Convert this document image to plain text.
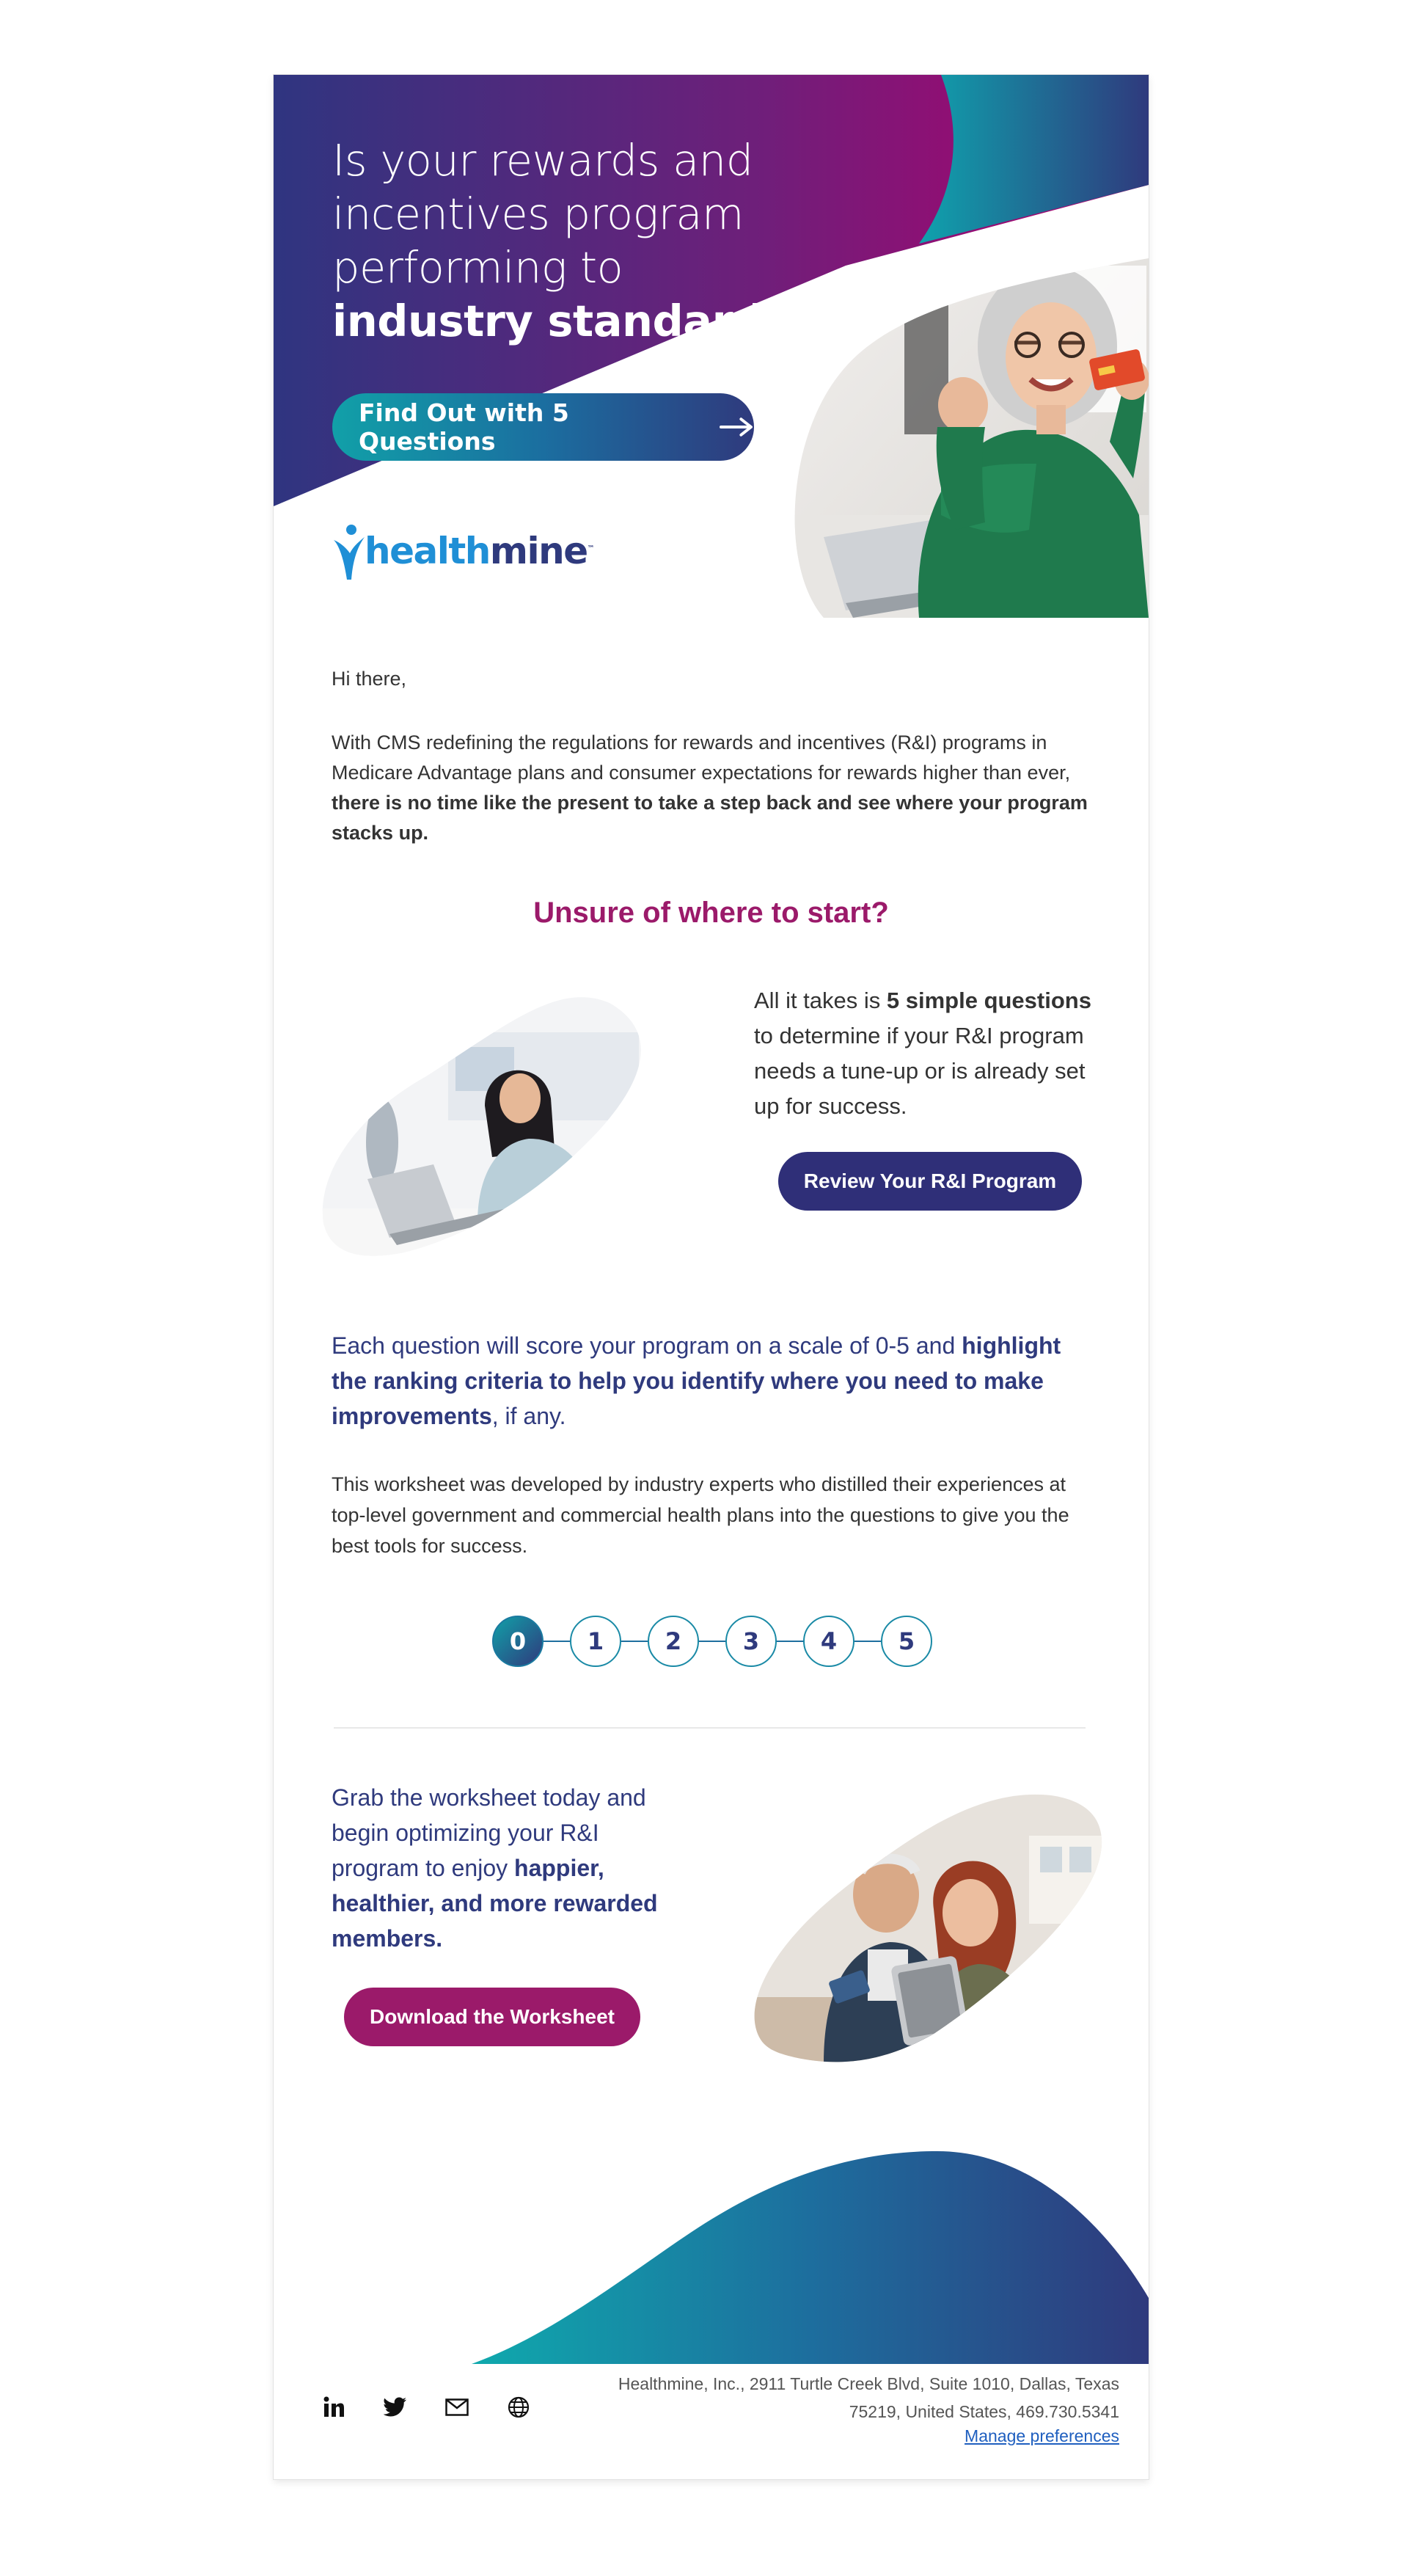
Is your rewards and
incentives program
performing to
industry standards?
Find Out with 5 Questions
healthmine™
Hi there,
With CMS redefining the regulations for rewards and incentives (R&I) programs in Medicare Advantage plans and consumer expectations for rewards higher than ever, there is no time like the present to take a step back and see where your program stacks up.
Unsure of where to start?
All it takes is 5 simple questions to determine if your R&I program needs a tune-up or is already set up for success.
Review Your R&I Program
Each question will score your program on a scale of 0-5 and highlight the ranking criteria to help you identify where you need to make improvements, if any.
This worksheet was developed by industry experts who distilled their experiences at top-level government and commercial health plans into the questions to give you the best tools for success.
0	1	2	3	4	5
Grab the worksheet today and begin optimizing your R&I program to enjoy happier, healthier, and more rewarded members.
Download the Worksheet
Healthmine, Inc., 2911 Turtle Creek Blvd, Suite 1010, Dallas, Texas
75219, United States, 469.730.5341
Manage preferences
